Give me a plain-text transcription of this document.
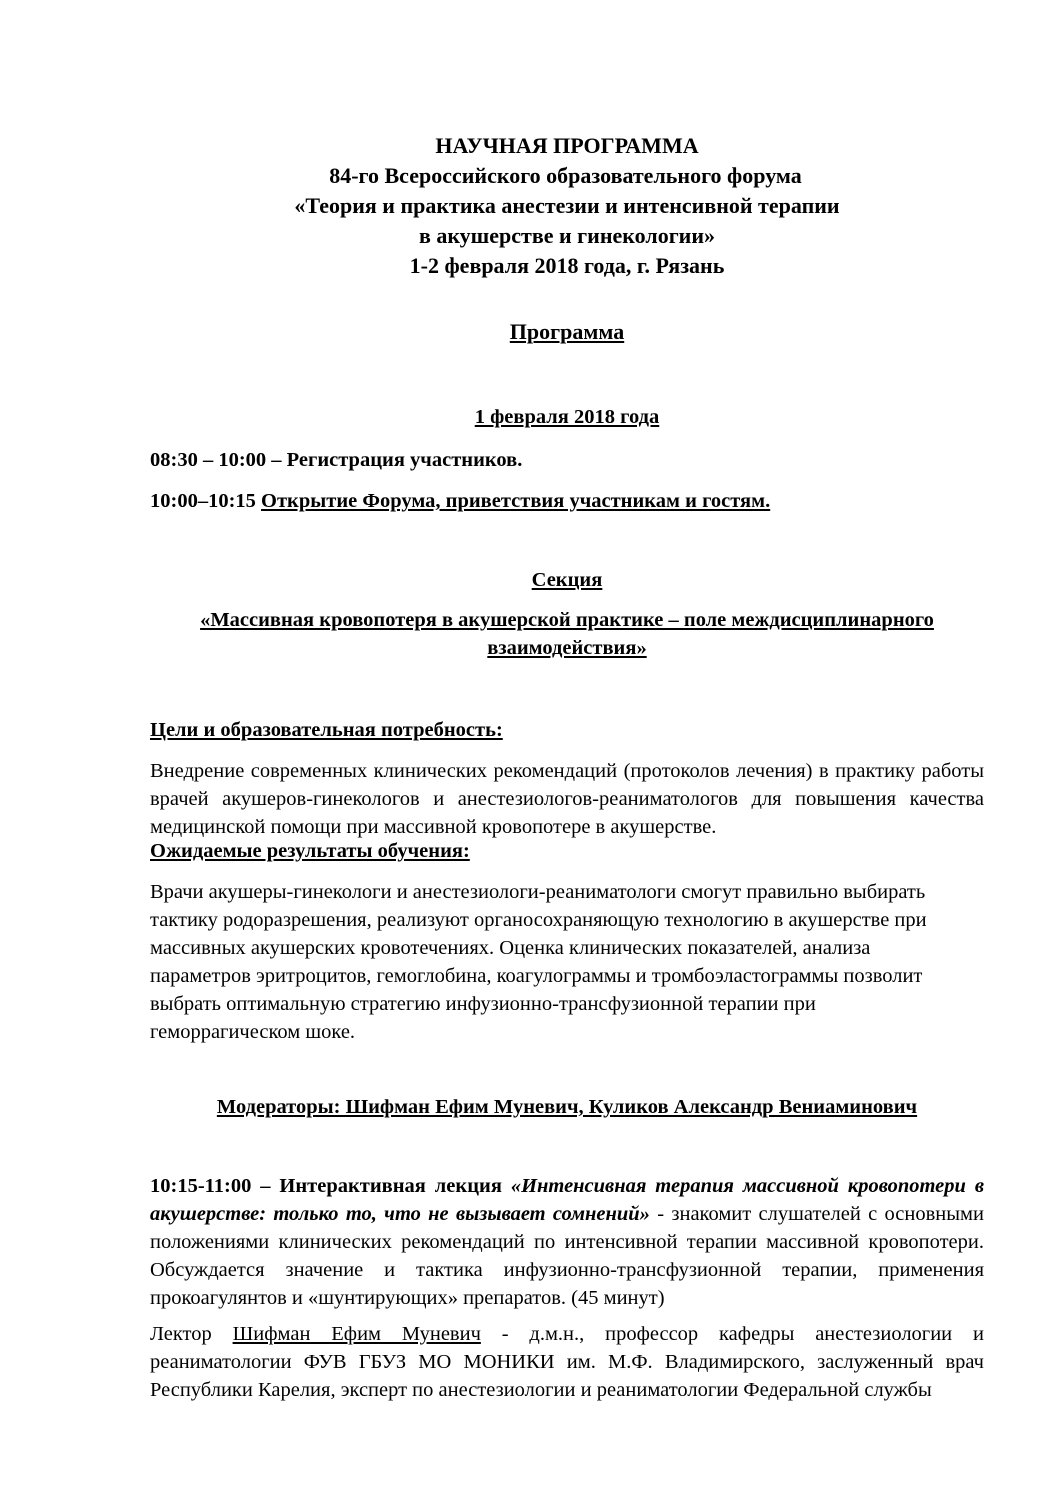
НАУЧНАЯ ПРОГРАММА
84-го Всероссийского образовательного форума
«Теория и практика анестезии и интенсивной терапии
в акушерстве и гинекологии»
1-2 февраля 2018 года, г. Рязань
Программа
1 февраля 2018 года
08:30 – 10:00 – Регистрация участников.
10:00–10:15 Открытие Форума, приветствия участникам и гостям.
Секция
«Массивная кровопотеря в акушерской практике – поле междисциплинарного взаимодействия»
Цели и образовательная потребность:
Внедрение современных клинических рекомендаций (протоколов лечения) в практику работы врачей акушеров-гинекологов и анестезиологов-реаниматологов для повышения качества медицинской помощи при массивной кровопотере в акушерстве.
Ожидаемые результаты обучения:
Врачи акушеры-гинекологи и анестезиологи-реаниматологи смогут правильно выбирать
тактику родоразрешения, реализуют органосохраняющую технологию в акушерстве при
массивных акушерских кровотечениях. Оценка клинических показателей, анализа
параметров эритроцитов, гемоглобина, коагулограммы и тромбоэластограммы позволит
выбрать оптимальную стратегию инфузионно-трансфузионной терапии при
геморрагическом шоке.
Модераторы: Шифман Ефим Муневич, Куликов Александр Вениаминович
10:15-11:00 – Интерактивная лекция «Интенсивная терапия массивной кровопотери в акушерстве: только то, что не вызывает сомнений» - знакомит слушателей с основными положениями клинических рекомендаций по интенсивной терапии массивной кровопотери. Обсуждается значение и тактика инфузионно-трансфузионной терапии, применения прокоагулянтов и «шунтирующих» препаратов. (45 минут)
Лектор Шифман Ефим Муневич - д.м.н., профессор кафедры анестезиологии и реаниматологии ФУВ ГБУЗ МО МОНИКИ им. М.Ф. Владимирского, заслуженный врач Республики Карелия, эксперт по анестезиологии и реаниматологии Федеральной службы
